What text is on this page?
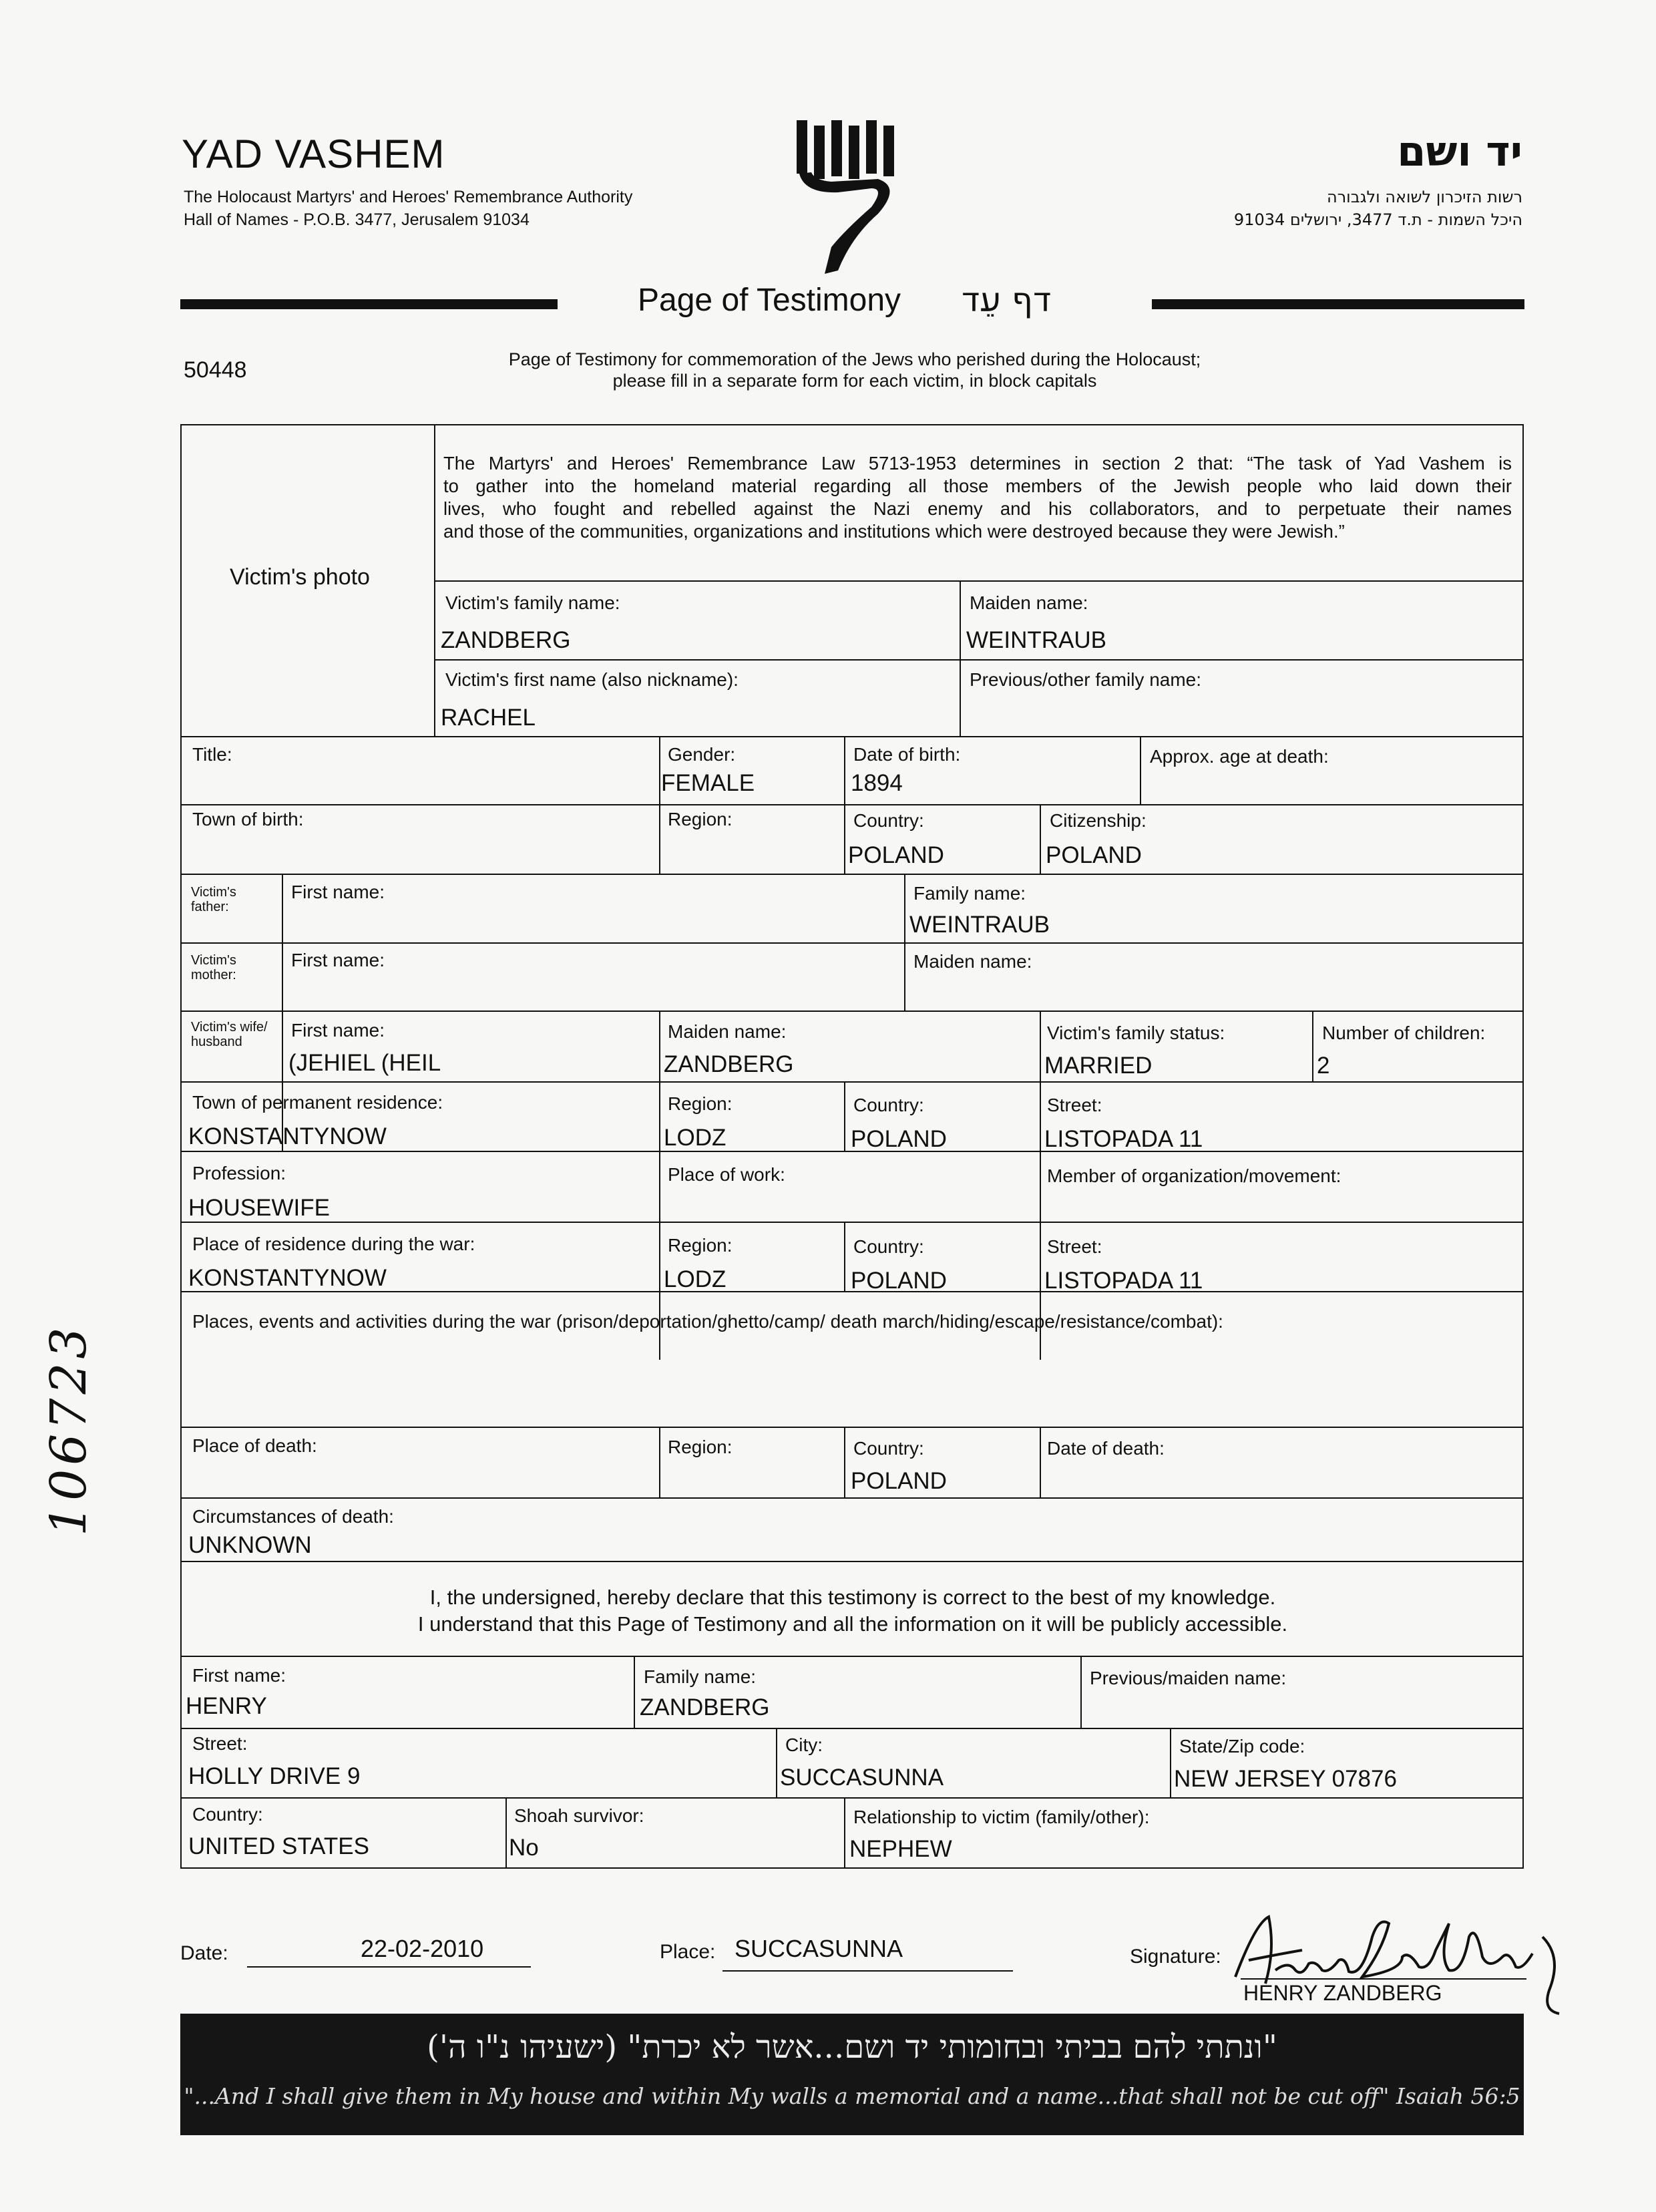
YAD VASHEM
The Holocaust Martyrs' and Heroes' Remembrance Authority
Hall of Names - P.O.B. 3477, Jerusalem 91034
יד ושם
רשות הזיכרון לשואה ולגבורה
היכל השמות - ת.ד 3477, ירושלים 91034
Page of Testimony דף עֵד
50448	Page of Testimony for commemoration of the Jews who perished during the Holocaust;
please fill in a separate form for each victim, in block capitals
Victim's photo
The Martyrs' and Heroes' Remembrance Law 5713-1953 determines in section 2 that: “The task of Yad Vashem is
to gather into the homeland material regarding all those members of the Jewish people who laid down their
lives, who fought and rebelled against the Nazi enemy and his collaborators, and to perpetuate their names
and those of the communities, organizations and institutions which were destroyed because they were Jewish.”
Victim's family name:
ZANDBERG
Maiden name:
WEINTRAUB
Victim's first name (also nickname):
RACHEL
Previous/other family name:
Title:	Gender:
FEMALE
Date of birth:
1894
Approx. age at death:
Town of birth:	Region:	Country:
POLAND
Citizenship:
POLAND
Victim's father:
First name:	Family name:
WEINTRAUB
Victim's mother:
First name:	Maiden name:
Victim's wife/ husband
First name:
(JEHIEL (HEIL
Maiden name:
ZANDBERG
Victim's family status:
MARRIED
Number of children:
2
Town of permanent residence:
KONSTANTYNOW
Region:
LODZ
Country:
POLAND
Street:
LISTOPADA 11
Profession:
HOUSEWIFE
Place of work:	Member of organization/movement:
Place of residence during the war:
KONSTANTYNOW
Region:
LODZ
Country:
POLAND
Street:
LISTOPADA 11
Places, events and activities during the war (prison/deportation/ghetto/camp/ death march/hiding/escape/resistance/combat):
Place of death:	Region:	Country:
POLAND
Date of death:
Circumstances of death:
UNKNOWN
I, the undersigned, hereby declare that this testimony is correct to the best of my knowledge.
I understand that this Page of Testimony and all the information on it will be publicly accessible.
First name:
HENRY
Family name:
ZANDBERG
Previous/maiden name:
Street:
HOLLY DRIVE 9
City:
SUCCASUNNA
State/Zip code:
NEW JERSEY 07876
Country:
UNITED STATES
Shoah survivor:
No
Relationship to victim (family/other):
NEPHEW
106723
Date:	22-02-2010	Place: SUCCASUNNA	Signature:
HENRY ZANDBERG
"ונתתי להם בביתי ובחומותי יד ושם...אשר לא יכרת" (ישעיהו נ"ו ה')
"...And I shall give them in My house and within My walls a memorial and a name...that shall not be cut off" Isaiah 56:5
